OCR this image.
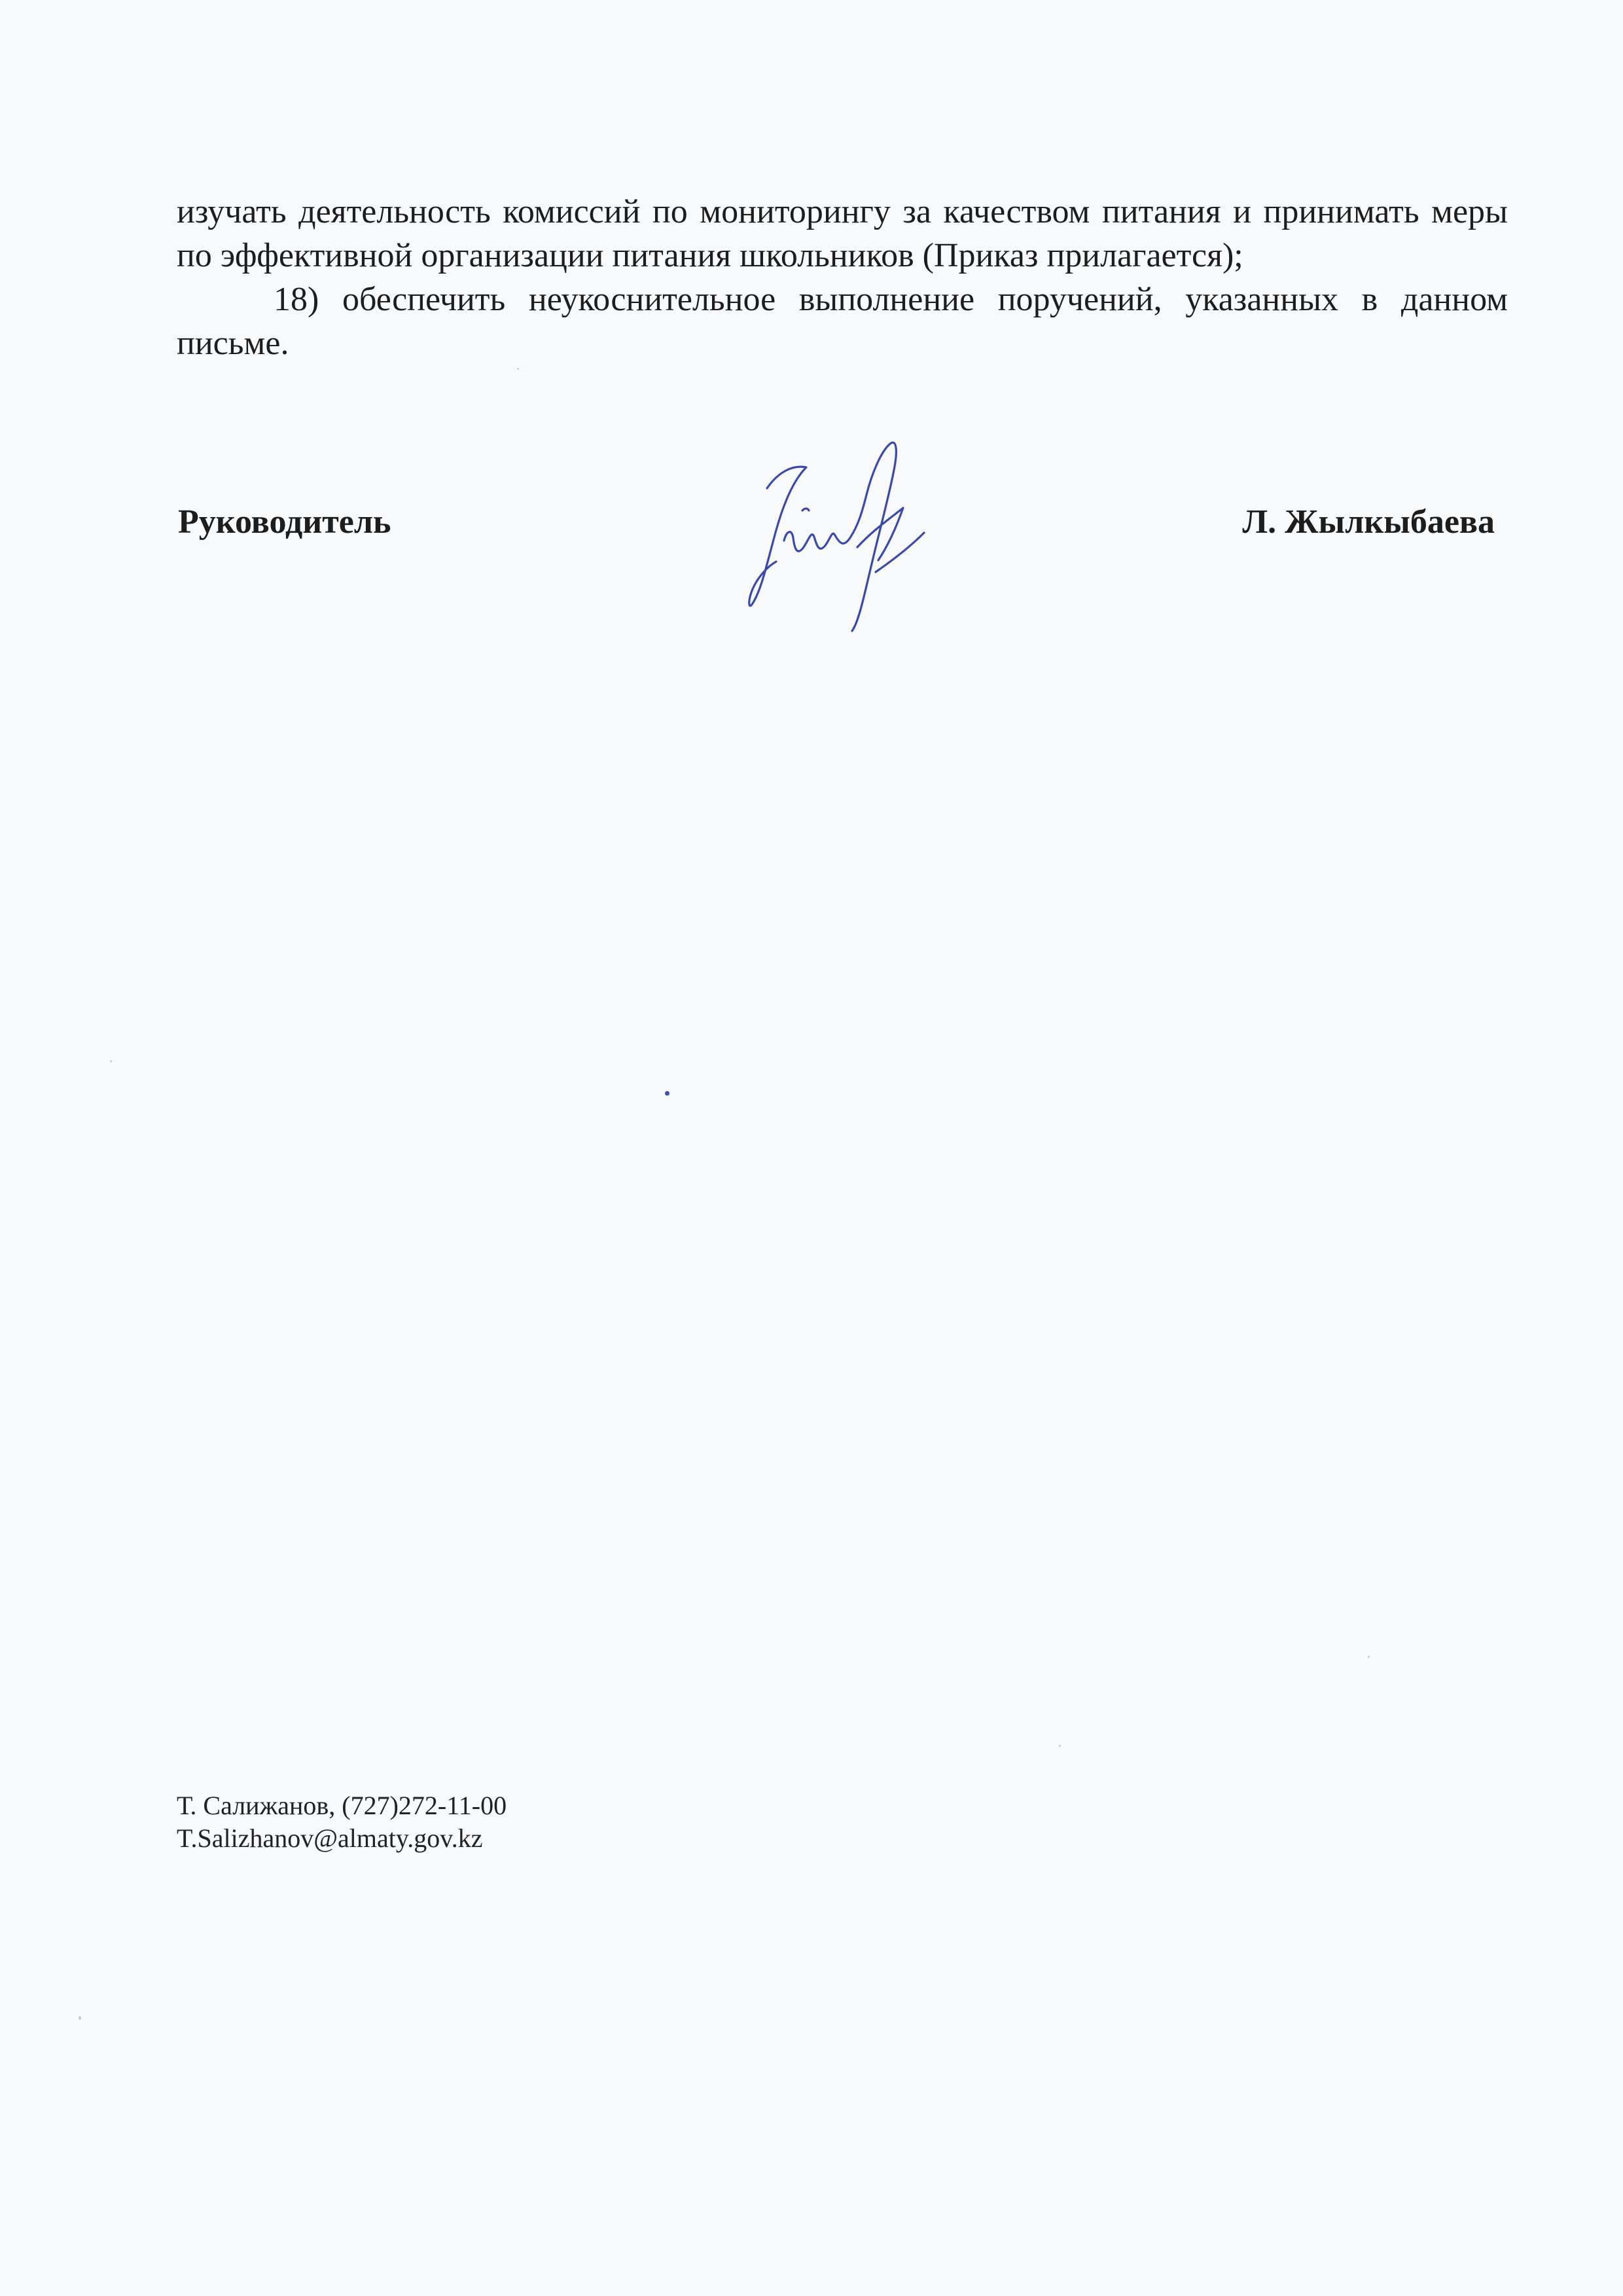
изучать деятельность комиссий по мониторингу за качеством питания и принимать меры по эффективной организации питания школьников (Приказ прилагается);

18) обеспечить неукоснительное выполнение поручений, указанных в данном письме.

Руководитель	Л. Жылкыбаева
Т. Салижанов, (727)272-11-00
T.Salizhanov@almaty.gov.kz
